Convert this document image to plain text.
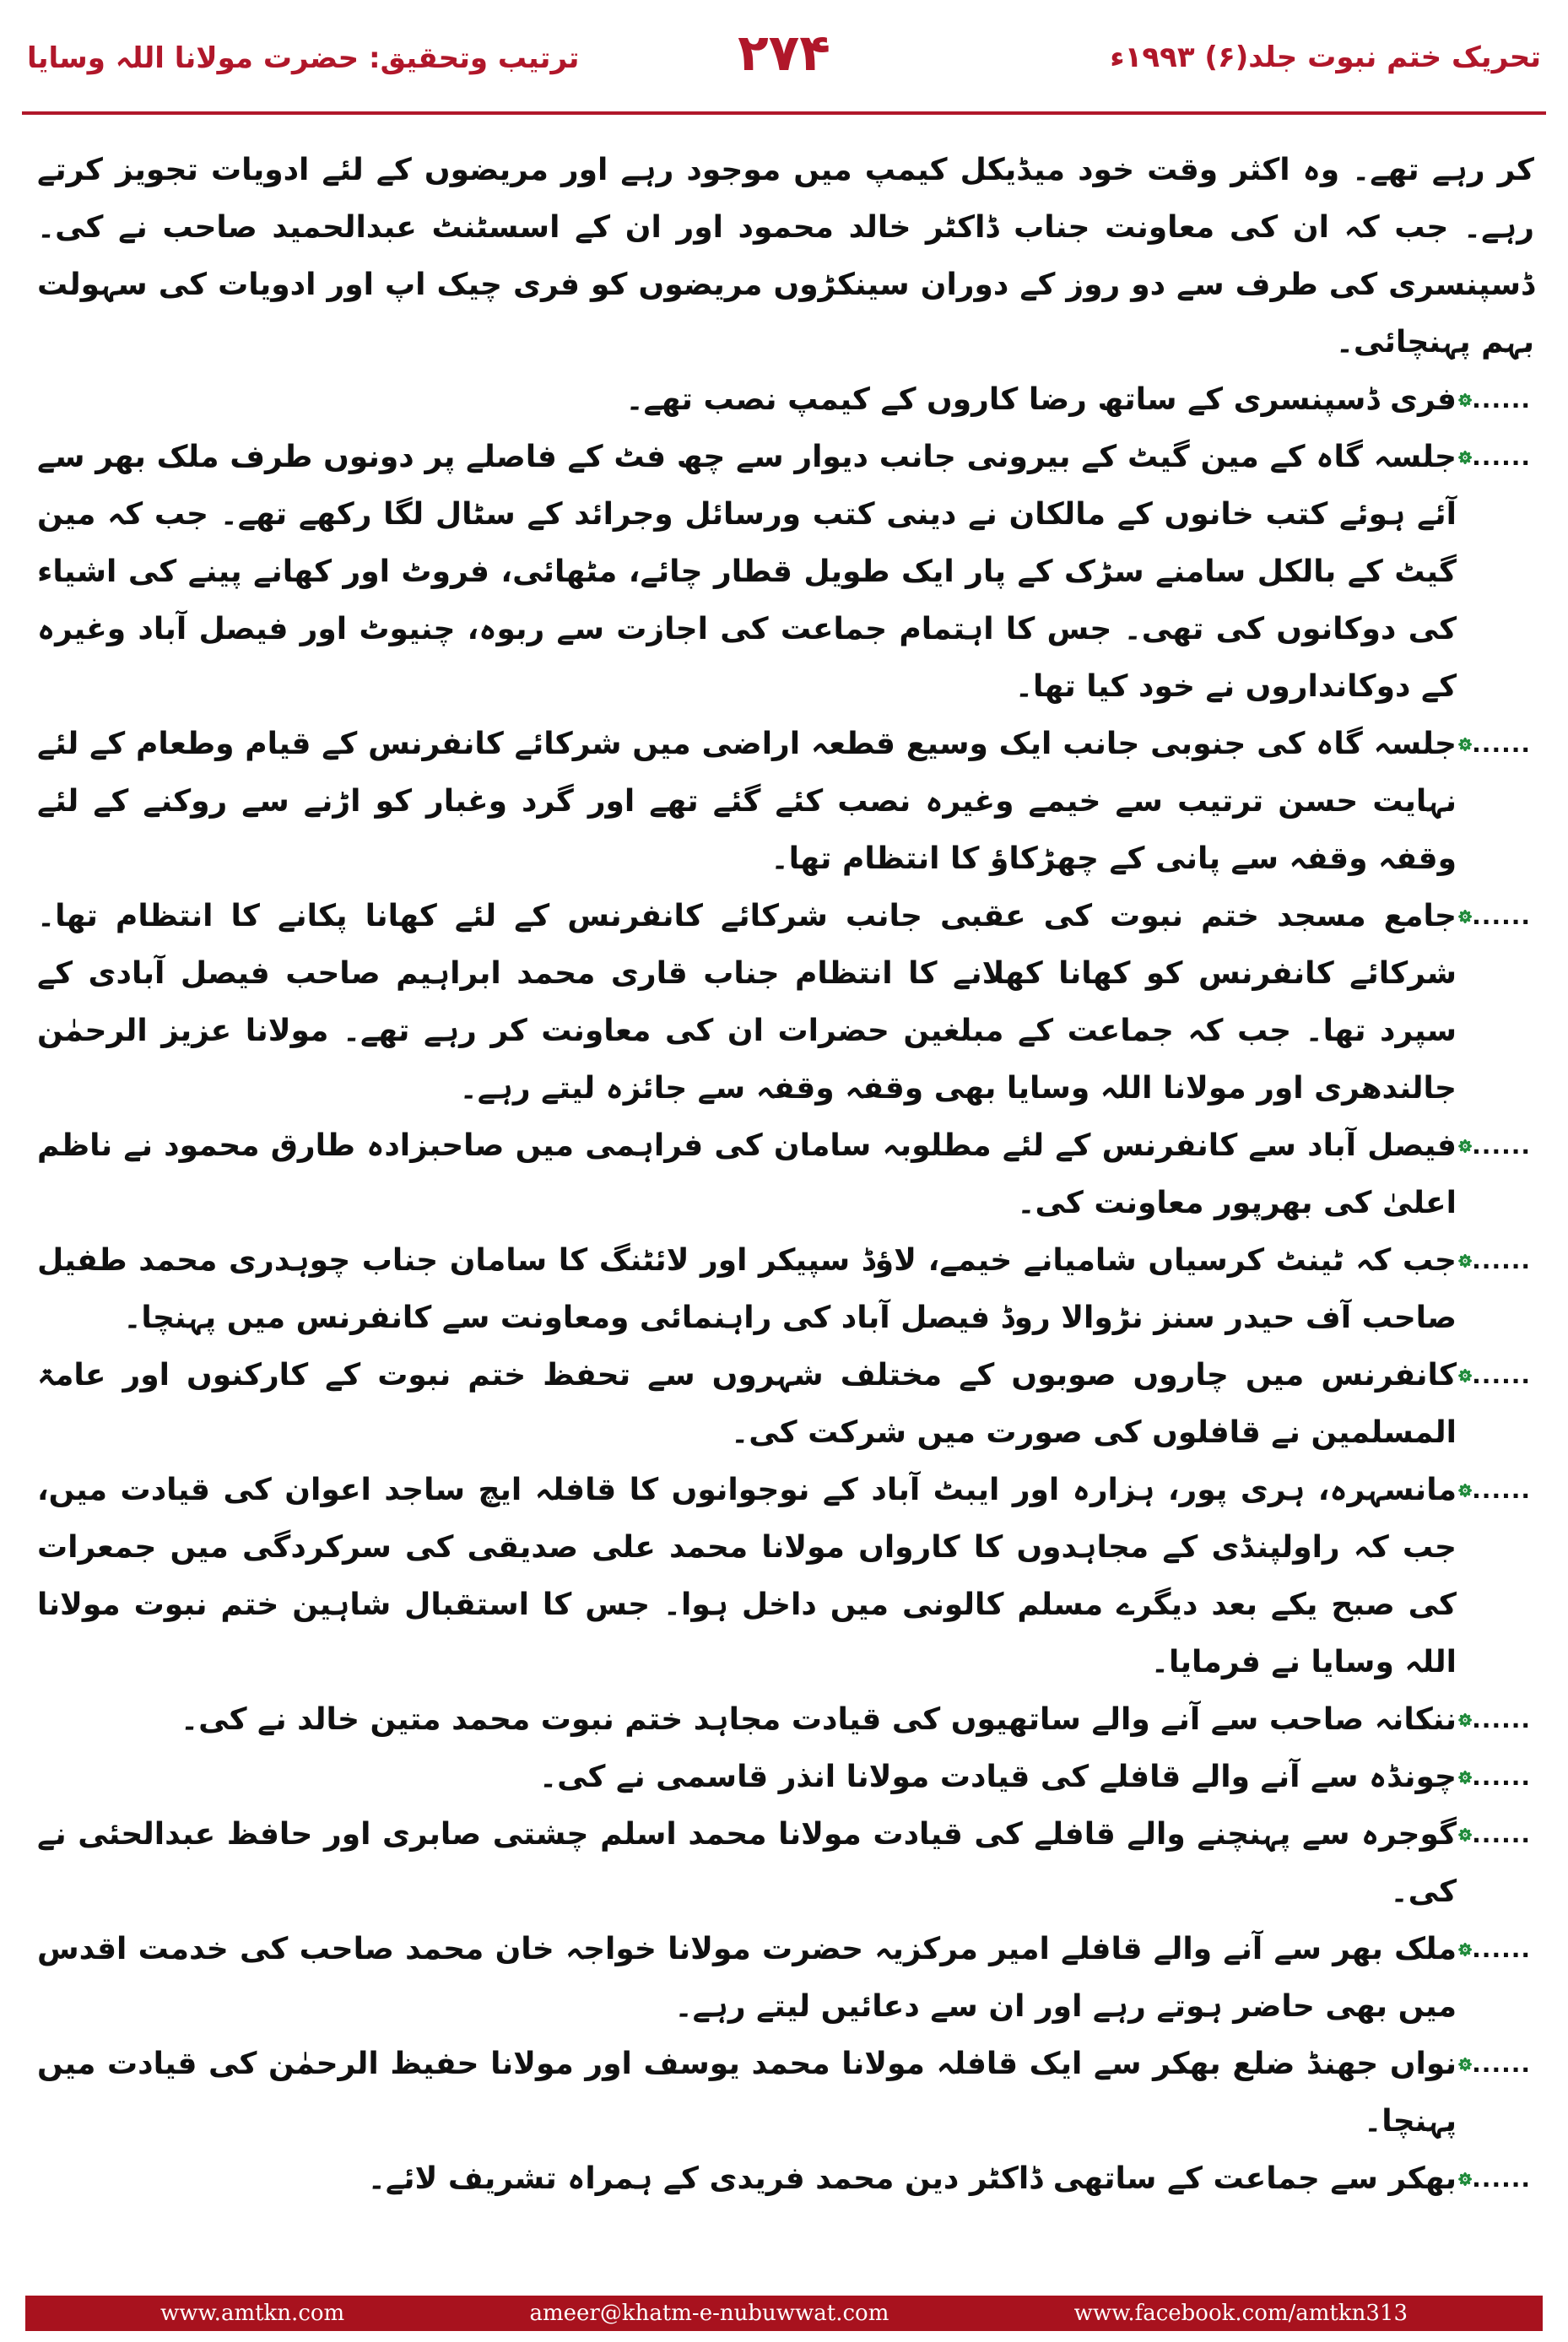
ترتیب وتحقیق: حضرت مولانا اللہ وسایا	۲۷۴	تحریک ختم نبوت جلد(۶) ۱۹۹۳ء

کر رہے تھے۔ وہ اکثر وقت خود میڈیکل کیمپ میں موجود رہے اور مریضوں کے لئے ادویات تجویز کرتے رہے۔ جب کہ ان کی معاونت جناب ڈاکٹر خالد محمود اور ان کے اسسٹنٹ عبدالحمید صاحب نے کی۔ ڈسپنسری کی طرف سے دو روز کے دوران سینکڑوں مریضوں کو فری چیک اپ اور ادویات کی سہولت بہم پہنچائی۔

......
فری ڈسپنسری کے ساتھ رضا کاروں کے کیمپ نصب تھے۔

......
جلسہ گاہ کے مین گیٹ کے بیرونی جانب دیوار سے چھ فٹ کے فاصلے پر دونوں طرف ملک بھر سے آئے ہوئے کتب خانوں کے مالکان نے دینی کتب ورسائل وجرائد کے سٹال لگا رکھے تھے۔ جب کہ مین گیٹ کے بالکل سامنے سڑک کے پار ایک طویل قطار چائے، مٹھائی، فروٹ اور کھانے پینے کی اشیاء کی دوکانوں کی تھی۔ جس کا اہتمام جماعت کی اجازت سے ربوہ، چنیوٹ اور فیصل آباد وغیرہ کے دوکانداروں نے خود کیا تھا۔

......
جلسہ گاہ کی جنوبی جانب ایک وسیع قطعہ اراضی میں شرکائے کانفرنس کے قیام وطعام کے لئے نہایت حسن ترتیب سے خیمے وغیرہ نصب کئے گئے تھے اور گرد وغبار کو اڑنے سے روکنے کے لئے وقفہ وقفہ سے پانی کے چھڑکاؤ کا انتظام تھا۔

......
جامع مسجد ختم نبوت کی عقبی جانب شرکائے کانفرنس کے لئے کھانا پکانے کا انتظام تھا۔ شرکائے کانفرنس کو کھانا کھلانے کا انتظام جناب قاری محمد ابراہیم صاحب فیصل آبادی کے سپرد تھا۔ جب کہ جماعت کے مبلغین حضرات ان کی معاونت کر رہے تھے۔ مولانا عزیز الرحمٰن جالندھری اور مولانا اللہ وسایا بھی وقفہ وقفہ سے جائزہ لیتے رہے۔

......
فیصل آباد سے کانفرنس کے لئے مطلوبہ سامان کی فراہمی میں صاحبزادہ طارق محمود نے ناظم اعلیٰ کی بھرپور معاونت کی۔

......
جب کہ ٹینٹ کرسیاں شامیانے خیمے، لاؤڈ سپیکر اور لائٹنگ کا سامان جناب چوہدری محمد طفیل صاحب آف حیدر سنز نڑوالا روڈ فیصل آباد کی راہنمائی ومعاونت سے کانفرنس میں پہنچا۔

......
کانفرنس میں چاروں صوبوں کے مختلف شہروں سے تحفظ ختم نبوت کے کارکنوں اور عامۃ المسلمین نے قافلوں کی صورت میں شرکت کی۔

......
مانسہرہ، ہری پور، ہزارہ اور ایبٹ آباد کے نوجوانوں کا قافلہ ایچ ساجد اعوان کی قیادت میں، جب کہ راولپنڈی کے مجاہدوں کا کارواں مولانا محمد علی صدیقی کی سرکردگی میں جمعرات کی صبح یکے بعد دیگرے مسلم کالونی میں داخل ہوا۔ جس کا استقبال شاہین ختم نبوت مولانا اللہ وسایا نے فرمایا۔

......
ننکانہ صاحب سے آنے والے ساتھیوں کی قیادت مجاہد ختم نبوت محمد متین خالد نے کی۔

......
چونڈہ سے آنے والے قافلے کی قیادت مولانا انذر قاسمی نے کی۔

......
گوجرہ سے پہنچنے والے قافلے کی قیادت مولانا محمد اسلم چشتی صابری اور حافظ عبدالحئی نے کی۔

......
ملک بھر سے آنے والے قافلے امیر مرکزیہ حضرت مولانا خواجہ خان محمد صاحب کی خدمت اقدس میں بھی حاضر ہوتے رہے اور ان سے دعائیں لیتے رہے۔

......
نواں جھنڈ ضلع بھکر سے ایک قافلہ مولانا محمد یوسف اور مولانا حفیظ الرحمٰن کی قیادت میں پہنچا۔

......
بھکر سے جماعت کے ساتھی ڈاکٹر دین محمد فریدی کے ہمراہ تشریف لائے۔

www.amtkn.com	ameer@khatm-e-nubuwwat.com	www.facebook.com/amtkn313
